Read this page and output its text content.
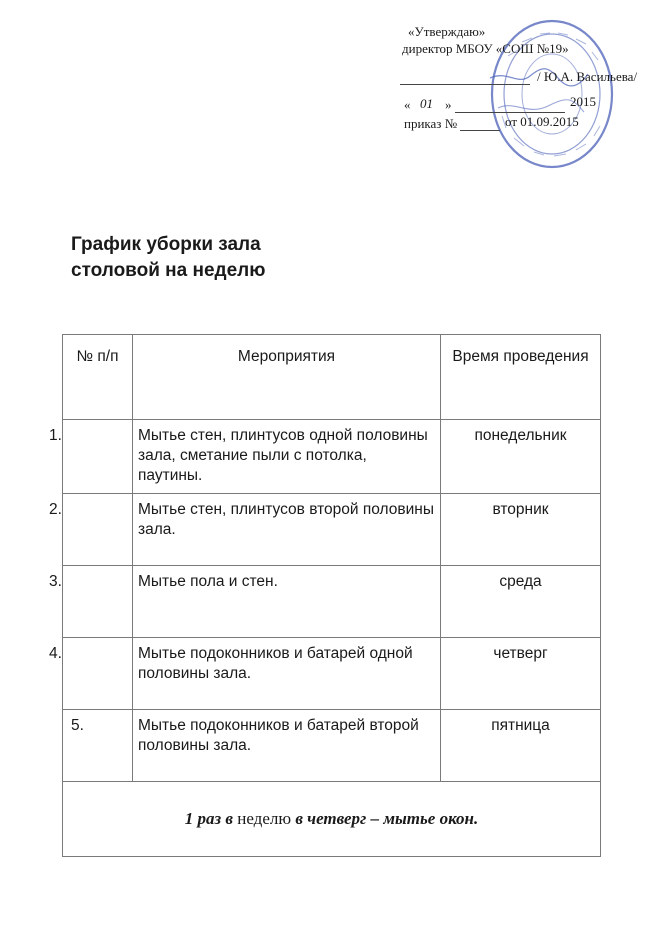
«Утверждаю»
директор МБОУ «СОШ №19»
/ Ю.А. Васильева/
« 01 »	2015
приказ №	от 01.09.2015
График уборки зала
столовой на неделю
№ п/п	Мероприятия	Время проведения

1.	Мытье стен, плинтусов одной половины зала, сметание пыли с потолка, паутины.	понедельник

2.	Мытье стен, плинтусов второй половины зала.	вторник

3.	Мытье пола и стен.	среда

4.	Мытье подоконников и батарей одной половины зала.	четверг
5.	Мытье подоконников и батарей второй половины зала.	пятница
1 раз в неделю в четверг – мытье окон.		
